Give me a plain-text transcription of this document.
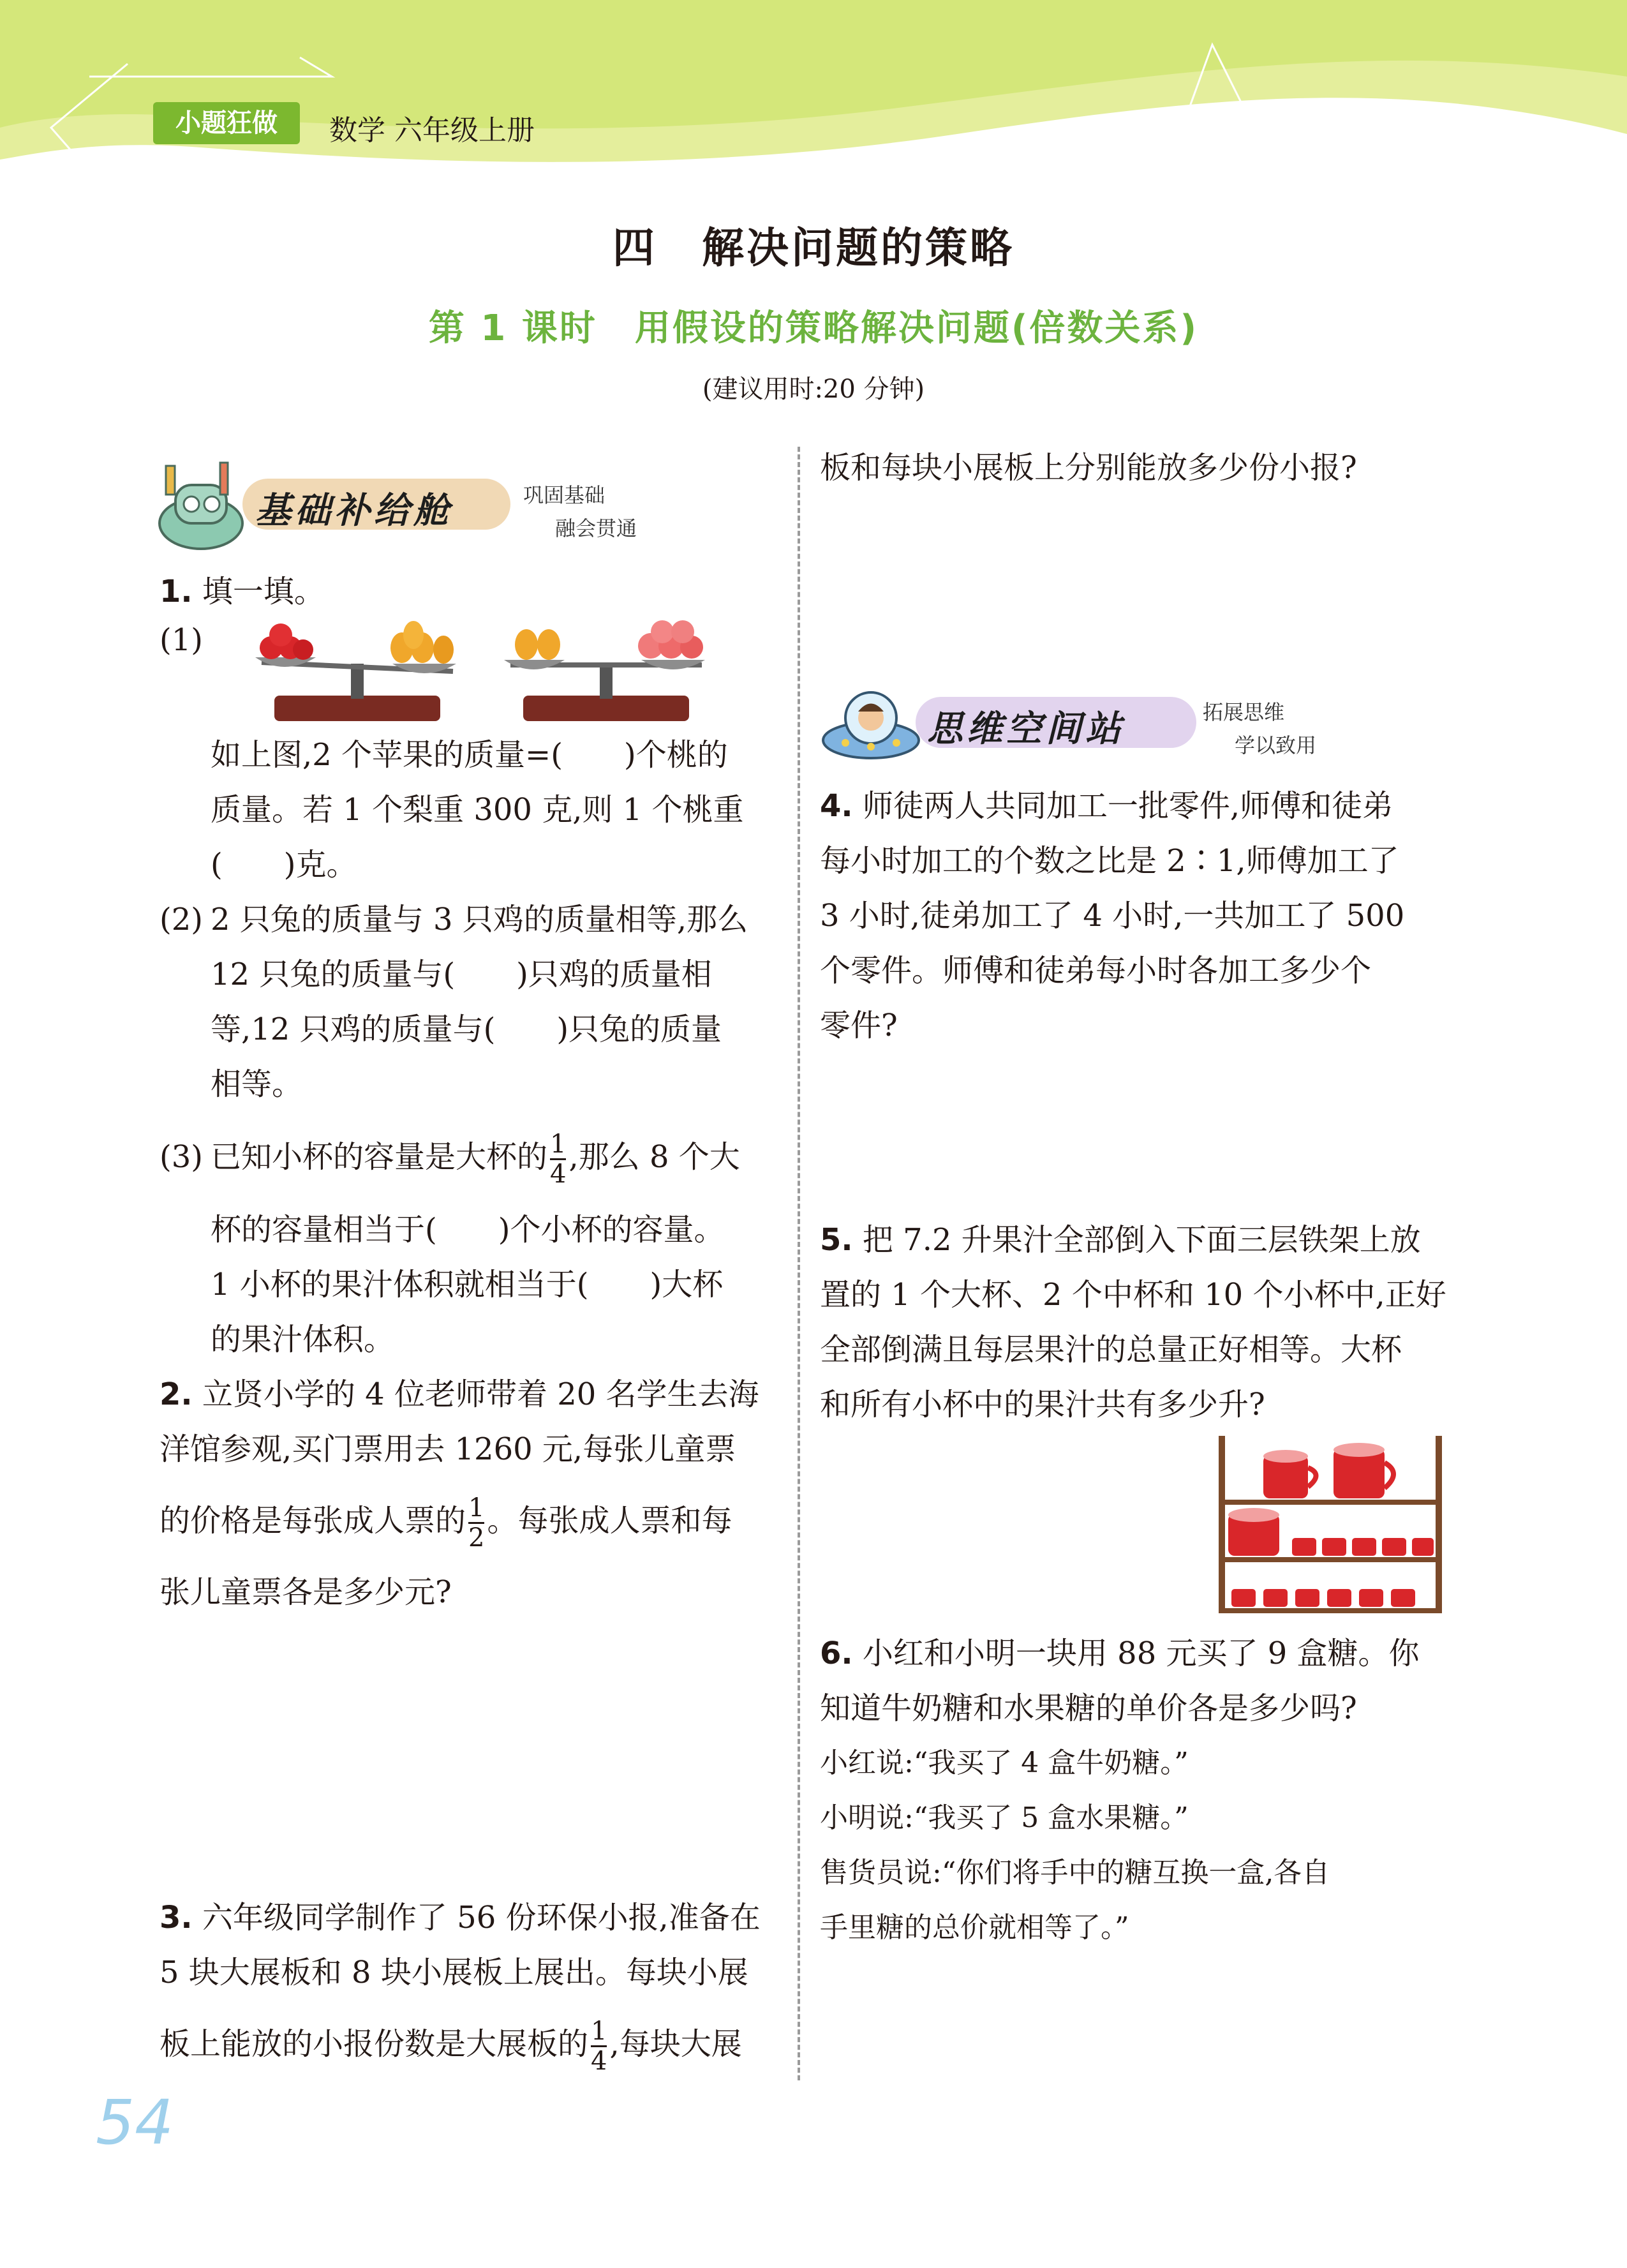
小题狂做	数学 六年级上册
四　解决问题的策略
第 1 课时　用假设的策略解决问题(倍数关系)
(建议用时:20 分钟)
基础补给舱	巩固基础
融会贯通
1. 填一填。
(1)
如上图,2 个苹果的质量=(　　)个桃的
质量。若 1 个梨重 300 克,则 1 个桃重
(　　)克。
(2) 2 只兔的质量与 3 只鸡的质量相等,那么
12 只兔的质量与(　　)只鸡的质量相
等,12 只鸡的质量与(　　)只兔的质量
相等。
(3) 已知小杯的容量是大杯的 $\frac{1}{4}$ ,那么 8 个大
杯的容量相当于(　　)个小杯的容量。
1 小杯的果汁体积就相当于(　　)大杯
的果汁体积。
2. 立贤小学的 4 位老师带着 20 名学生去海
洋馆参观,买门票用去 1260 元,每张儿童票
的价格是每张成人票的 $\frac{1}{2}$ 。每张成人票和每
张儿童票各是多少元?
3. 六年级同学制作了 56 份环保小报,准备在
5 块大展板和 8 块小展板上展出。每块小展
板上能放的小报份数是大展板的 $\frac{1}{4}$ ,每块大展
板和每块小展板上分别能放多少份小报?
思维空间站	拓展思维
学以致用
4. 师徒两人共同加工一批零件,师傅和徒弟
每小时加工的个数之比是 2∶1,师傅加工了
3 小时,徒弟加工了 4 小时,一共加工了 500
个零件。师傅和徒弟每小时各加工多少个
零件?
5. 把 7.2 升果汁全部倒入下面三层铁架上放
置的 1 个大杯、2 个中杯和 10 个小杯中,正好
全部倒满且每层果汁的总量正好相等。大杯
和所有小杯中的果汁共有多少升?
6. 小红和小明一块用 88 元买了 9 盒糖。你
知道牛奶糖和水果糖的单价各是多少吗?
小红说:“我买了 4 盒牛奶糖。”
小明说:“我买了 5 盒水果糖。”
售货员说:“你们将手中的糖互换一盒,各自
手里糖的总价就相等了。”
54
